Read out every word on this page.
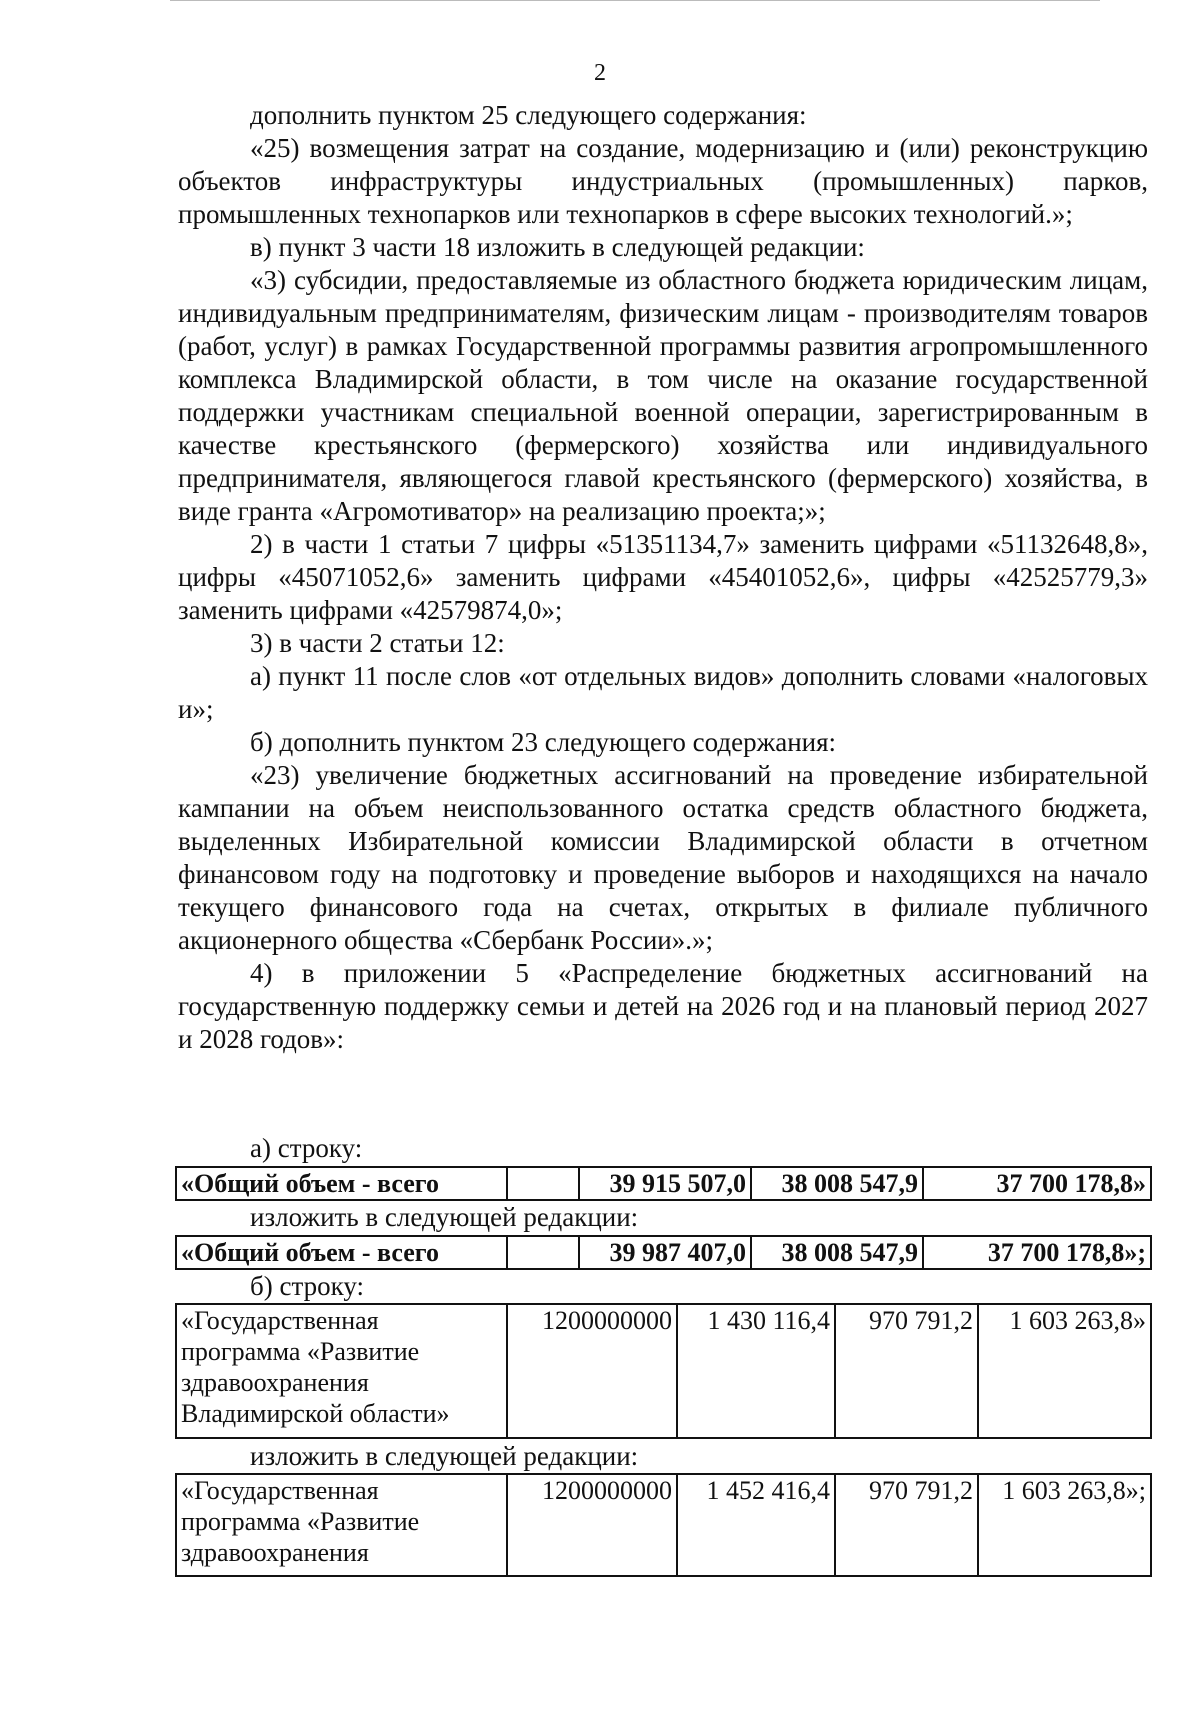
2

дополнить пунктом 25 следующего содержания:

«25) возмещения затрат на создание, модернизацию и (или) реконструкцию объектов инфраструктуры индустриальных (промышленных) парков, промышленных технопарков или технопарков в сфере высоких технологий.»;

в) пункт 3 части 18 изложить в следующей редакции:

«3) субсидии, предоставляемые из областного бюджета юридическим лицам, индивидуальным предпринимателям, физическим лицам - производителям товаров (работ, услуг) в рамках Государственной программы развития агропромышленного комплекса Владимирской области, в том числе на оказание государственной поддержки участникам специальной военной операции, зарегистрированным в качестве крестьянского (фермерского) хозяйства или индивидуального предпринимателя, являющегося главой крестьянского (фермерского) хозяйства, в виде гранта «Агромотиватор» на реализацию проекта;»;

2) в части 1 статьи 7 цифры «51351134,7» заменить цифрами «51132648,8», цифры «45071052,6» заменить цифрами «45401052,6», цифры «42525779,3» заменить цифрами «42579874,0»;

3) в части 2 статьи 12:

а) пункт 11 после слов «от отдельных видов» дополнить словами «налоговых и»;

б) дополнить пунктом 23 следующего содержания:

«23) увеличение бюджетных ассигнований на проведение избирательной кампании на объем неиспользованного остатка средств областного бюджета, выделенных Избирательной комиссии Владимирской области в отчетном финансовом году на подготовку и проведение выборов и находящихся на начало текущего финансового года на счетах, открытых в филиале публичного акционерного общества «Сбербанк России».»;

4) в приложении 5 «Распределение бюджетных ассигнований на государственную поддержку семьи и детей на 2026 год и на плановый период 2027 и 2028 годов»:

а) строку:
«Общий объем - всего		39 915 507,0	38 008 547,9	37 700 178,8»
изложить в следующей редакции:
«Общий объем - всего		39 987 407,0	38 008 547,9	37 700 178,8»;
б) строку:
«Государственная программа «Развитие здравоохранения Владимирской области»	1200000000	1 430 116,4	970 791,2	1 603 263,8»
изложить в следующей редакции:
«Государственная программа «Развитие здравоохранения	1200000000	1 452 416,4	970 791,2	1 603 263,8»;
